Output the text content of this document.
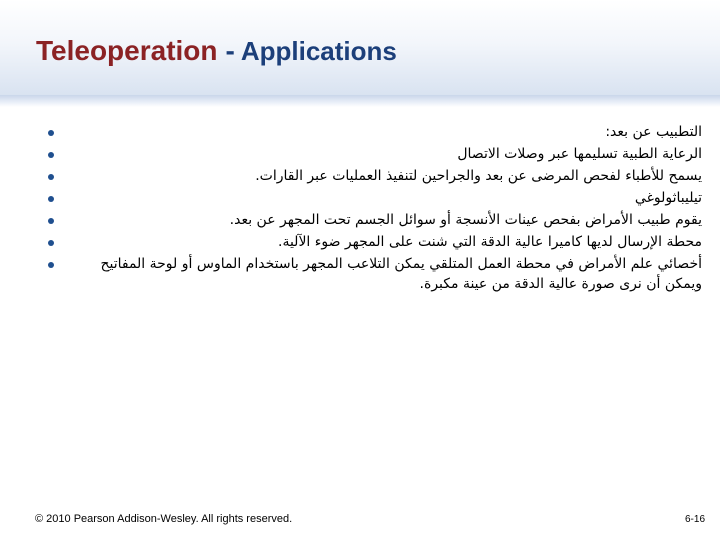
Teleoperation - Applications
التطبيب عن بعد:
الرعاية الطبية تسليمها عبر وصلات الاتصال
يسمح للأطباء لفحص المرضى عن بعد والجراحين لتنفيذ العمليات عبر القارات.
تيليباثولوغي
يقوم طبيب الأمراض بفحص عينات الأنسجة أو سوائل الجسم تحت المجهر عن بعد.
محطة الإرسال لديها كاميرا عالية الدقة التي شنت على المجهر ضوء الآلية.
أخصائي علم الأمراض في محطة العمل المتلقي يمكن التلاعب المجهر باستخدام الماوس أو لوحة المفاتيح ويمكن أن نرى صورة عالية الدقة من عينة مكبرة.
© 2010 Pearson Addison-Wesley. All rights reserved.	6-16
